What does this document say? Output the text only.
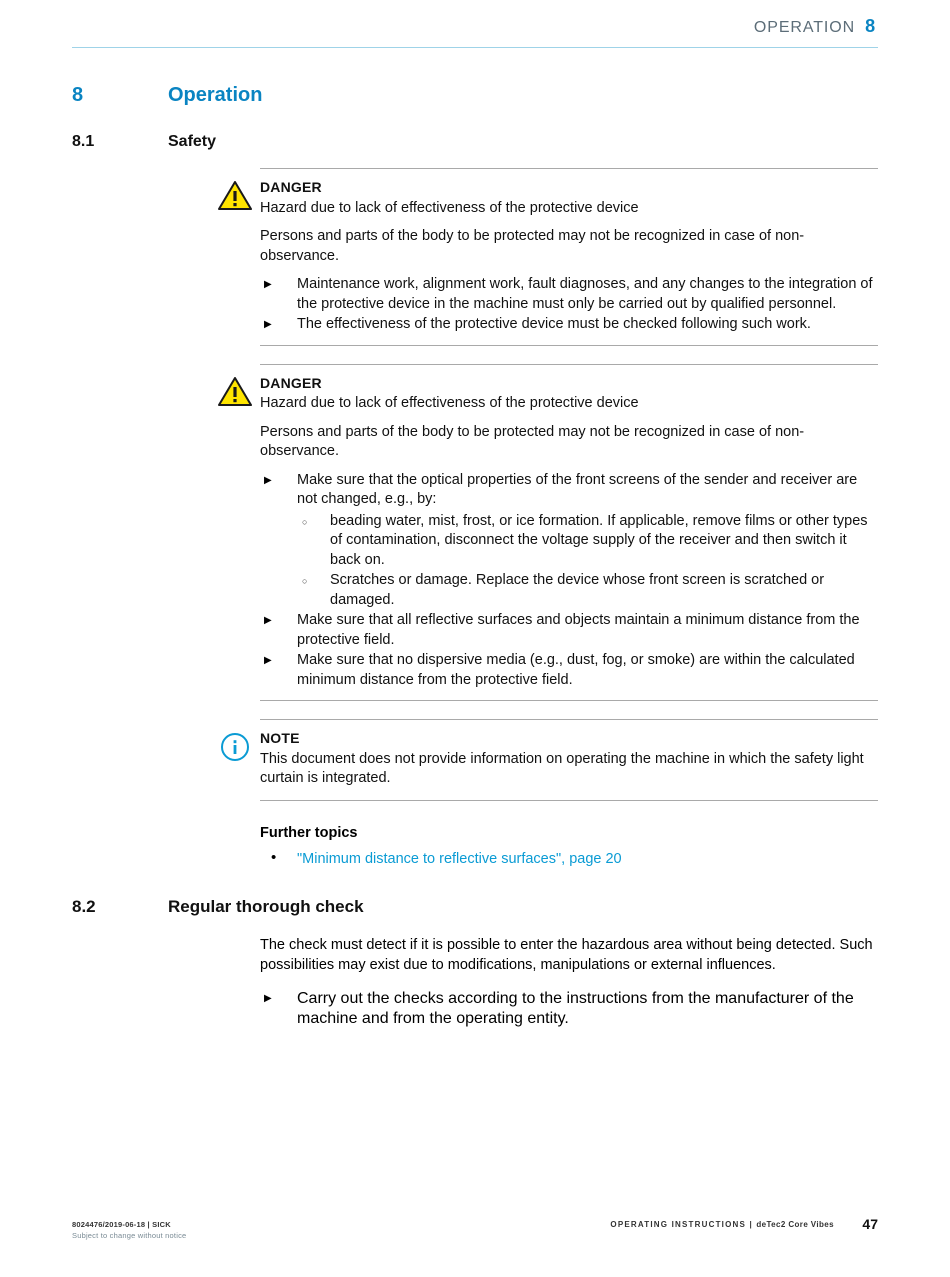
OPERATION 8
8	Operation
8.1	Safety
DANGER

Hazard due to lack of effectiveness of the protective device

Persons and parts of the body to be protected may not be recognized in case of non-observance.

▶ Maintenance work, alignment work, fault diagnoses, and any changes to the integration of the protective device in the machine must only be carried out by qualified personnel.
▶ The effectiveness of the protective device must be checked following such work.
DANGER

Hazard due to lack of effectiveness of the protective device

Persons and parts of the body to be protected may not be recognized in case of non-observance.

▶ Make sure that the optical properties of the front screens of the sender and receiver are not changed, e.g., by:
○ beading water, mist, frost, or ice formation. If applicable, remove films or other types of contamination, disconnect the voltage supply of the receiver and then switch it back on.
○ Scratches or damage. Replace the device whose front screen is scratched or damaged.
▶ Make sure that all reflective surfaces and objects maintain a minimum distance from the protective field.
▶ Make sure that no dispersive media (e.g., dust, fog, or smoke) are within the calculated minimum distance from the protective field.
NOTE

This document does not provide information on operating the machine in which the safety light curtain is integrated.

Further topics
• "Minimum distance to reflective surfaces", page 20
8.2	Regular thorough check

The check must detect if it is possible to enter the hazardous area without being detected. Such possibilities may exist due to modifications, manipulations or external influences.

▶ Carry out the checks according to the instructions from the manufacturer of the machine and from the operating entity.
8024476/2019-06-18 | SICK
Subject to change without notice
OPERATING INSTRUCTIONS | deTec2 Core Vibes 47
